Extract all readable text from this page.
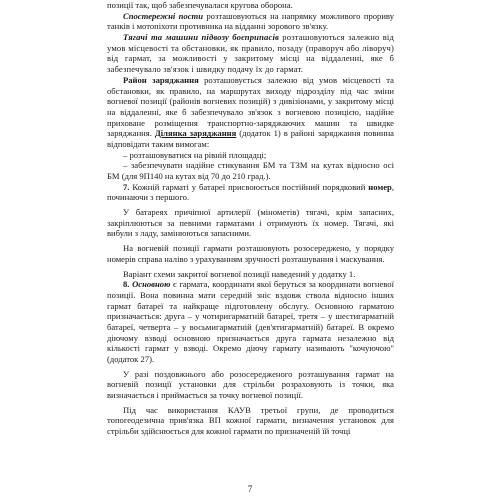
позиції так, щоб забезпечувалася кругова оборона.

Спостережні пости розташовуються на напрямку можливого прориву танків і мотопіхоти противника на відданні зорового зв'язку.

Тягачі та машини підвозу боєприпасів розташовуються залежно від умов місцевості та обстановки, як правило, позаду (праворуч або ліворуч) від гармат, за можливості у закритому місці на віддаленні, яке б забезпечувало зв'язок і швидку подачу їх до гармат.

Район заряджання розташовується залежно від умов місцевості та обстановки, як правило, на маршрутах виходу підрозділу під час зміни вогневої позиції (районів вогневих позицій) з дивізіонами, у закритому місці на віддаленні, яке б забезпечувало зв'язок з вогневою позицією, надійне приховане розміщення транспортно-заряджаючих машин та швидке заряджання. Ділянка заряджання (додаток 1) в районі заряджання повинна відповідати таким вимогам:

– розташовуватися на рівній площадці;

– забезпечувати надійне стикування БМ та ТЗМ на кутах відносно осі БМ (для 9П140 на кутах від 70 до 210 град.).

7. Кожній гарматі у батареї присвоюється постійний порядковий номер, починаючи з першого.

У батареях причіпної артилерії (мінометів) тягачі, крім запасних, закріплюються за певними гарматами і отримують їх номер. Тягачі, які вибули з ладу, замінюються запасними.

На вогневій позиції гармати розташовують розосереджено, у порядку номерів справа наліво з урахуванням зручності розташування і маскування.

Варіант схеми закритої вогневої позиції наведений у додатку 1.

8. Основною є гармата, координати якої беруться за координати вогневої позиції. Вона повинна мати середній зніс вздовж ствола відносно інших гармат батареї та найкраще підготовлену обслугу. Основною гарматою призначається: друга – у чотиригарматній батареї, третя – у шестигарматній батареї, четверта – у восьмигарматній (дев'ятигарматній) батареї. В окремо діючому взводі основною призначається друга гармата незалежно від кількості гармат у взводі. Окремо діючу гармату називають "кочуючою" (додаток 27).

У разі поздовжнього або розосередженого розташування гармат на вогневій позиції установки для стрільби розраховують із точки, яка визначається і приймається за точку вогневої позиції.

Під час використання КАУВ третьої групи, де проводиться топогеодезична прив'язка ВП кожної гармати, визначення установок для стрільби здійснюється для кожної гармати по призначеній їй точці

7
